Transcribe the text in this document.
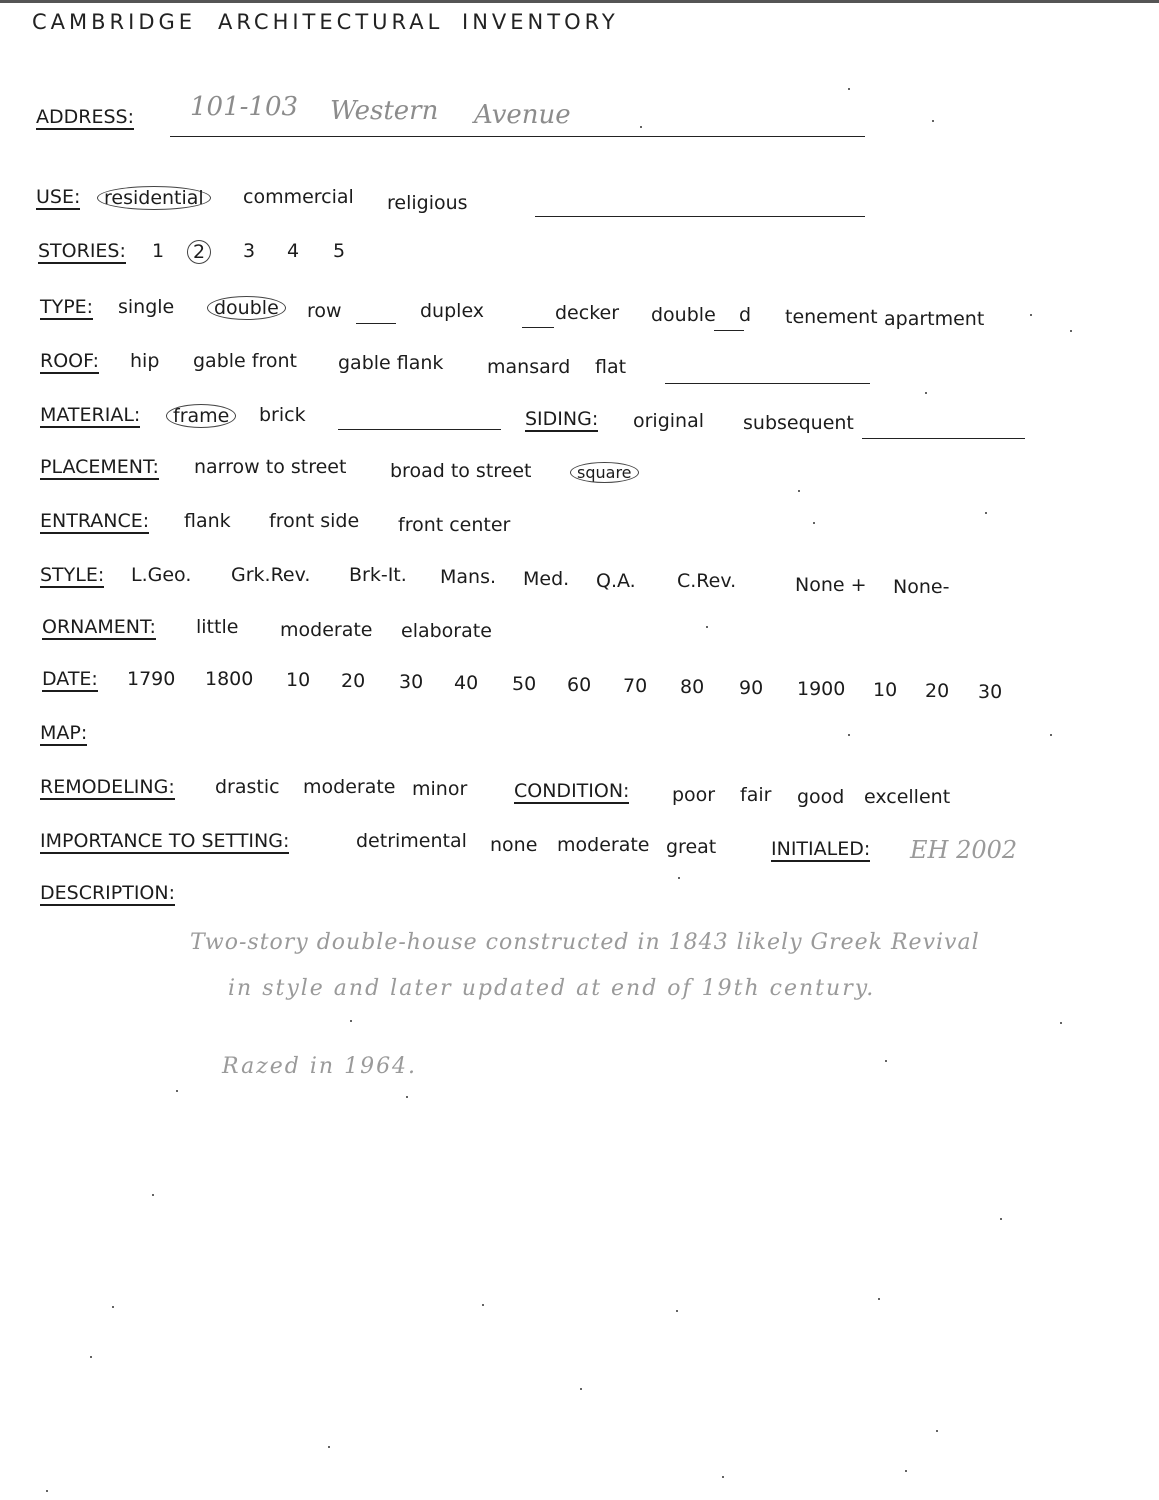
CAMBRIDGE ARCHITECTURAL INVENTORY
ADDRESS: 101-103 Western Avenue
USE:	residential	commercial religious
STORIES: 1	2	3 4 5
TYPE: single	double	row	duplex	decker double d tenement apartment
ROOF: hip gable front gable flank mansard flat
MATERIAL:	frame	brick	SIDING: original subsequent
PLACEMENT: narrow to street broad to street	square
ENTRANCE: flank front side front center
STYLE: L.Geo. Grk.Rev. Brk-It. Mans. Med. Q.A. C.Rev.	None + None-
ORNAMENT: little moderate elaborate
DATE: 1790 1800 10 20 30 40 50 60 70 80 90 1900 10 20 30
MAP:
REMODELING: drastic moderate minor CONDITION: poor fair good excellent
IMPORTANCE TO SETTING:	detrimental none moderate great	INITIALED: EH 2002
DESCRIPTION:
Two-story double-house constructed in 1843 likely Greek Revival
in style and later updated at end of 19th century.
Razed in 1964.
